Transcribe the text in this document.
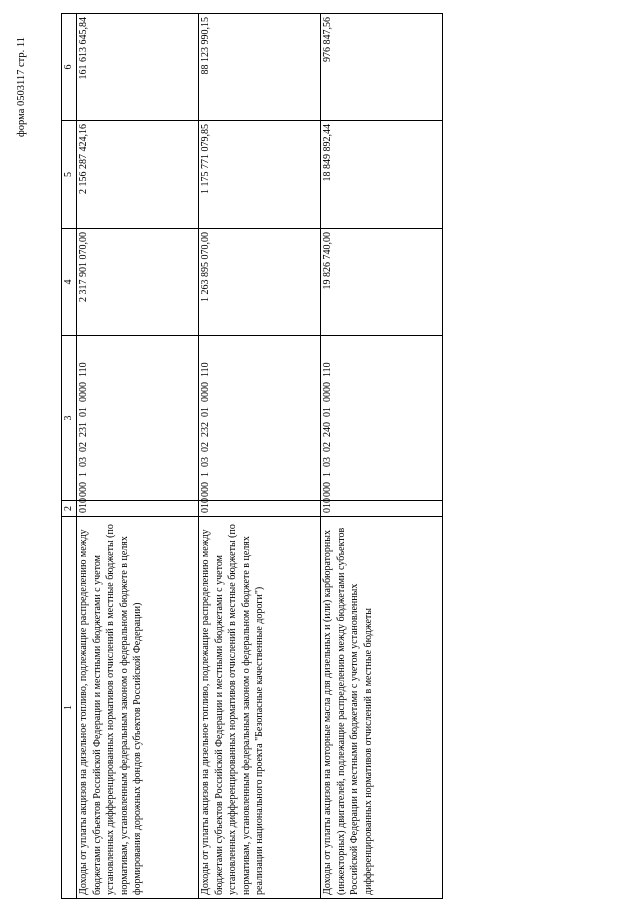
форма 0503117 стр. 11
1	2	3	4	5	6
Доходы от уплаты акцизов на дизельное топливо, подлежащие распределению между бюджетами субъектов Российской Федерации и местными бюджетами с учетом установленных дифференцированных нормативов отчислений в местные бюджеты (по нормативам, установленным федеральным законом о федеральном бюджете в целях формирования дорожных фондов субъектов Российской Федерации)	010	000  1  03  02  231  01  0000  110	2 317 901 070,00	2 156 287 424,16	161 613 645,84
Доходы от уплаты акцизов на дизельное топливо, подлежащие распределению между бюджетами субъектов Российской Федерации и местными бюджетами с учетом установленных дифференцированных нормативов отчислений в местные бюджеты (по нормативам, установленным федеральным законом о федеральном бюджете в целях реализации национального проекта "Безопасные качественные дороги")	010	000  1  03  02  232  01  0000  110	1 263 895 070,00	1 175 771 079,85	88 123 990,15
Доходы от уплаты акцизов на моторные масла для дизельных и (или) карбюраторных (инжекторных) двигателей, подлежащие распределению между бюджетами субъектов Российской Федерации и местными бюджетами с учетом установленных дифференцированных нормативов отчислений в местные бюджеты	010	000  1  03  02  240  01  0000  110	19 826 740,00	18 849 892,44	976 847,56
